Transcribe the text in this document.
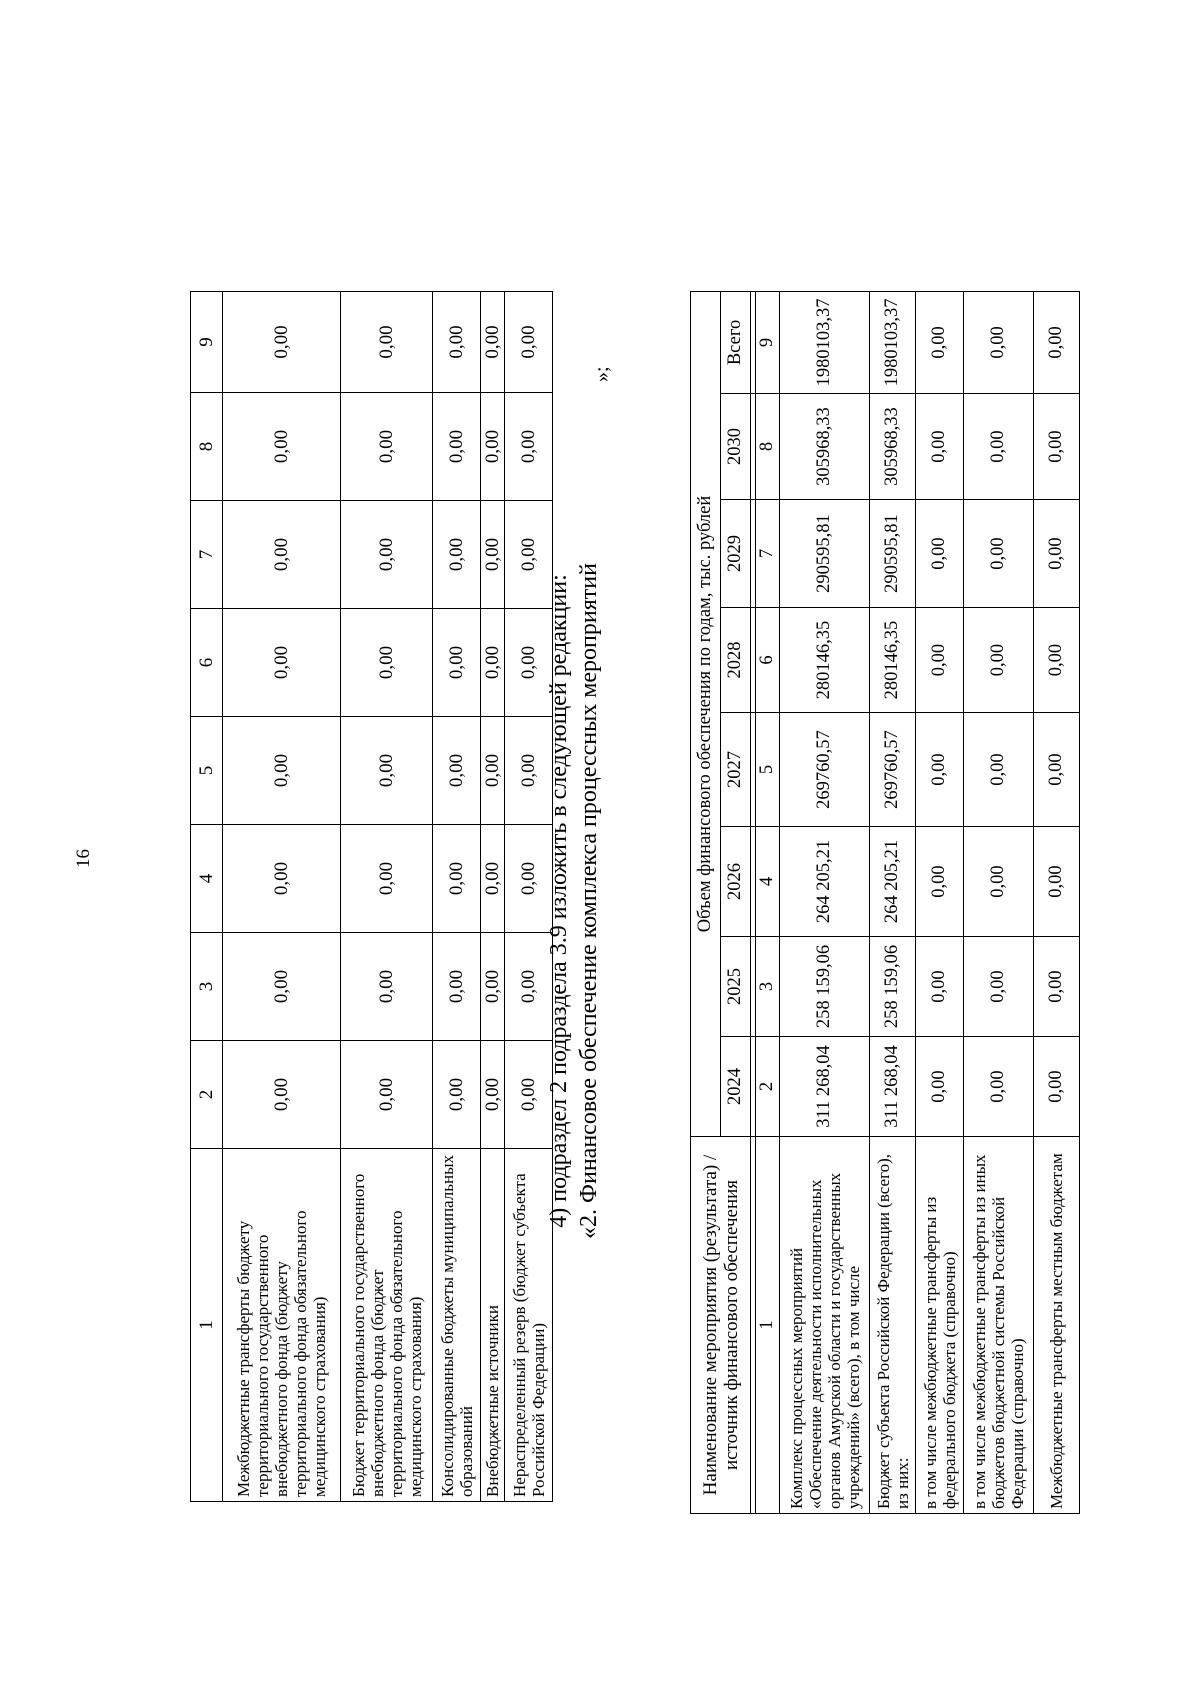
16
1	2	3	4	5	6	7	8	9
Межбюджетные трансферты бюджету территориального государственного внебюджетного фонда (бюджету территориального фонда обязательного медицинского страхования)	0,00	0,00	0,00	0,00	0,00	0,00	0,00	0,00
Бюджет территориального государственного внебюджетного фонда (бюджет территориального фонда обязательного медицинского страхования)	0,00	0,00	0,00	0,00	0,00	0,00	0,00	0,00
Консолидированные бюджеты муниципальных образований	0,00	0,00	0,00	0,00	0,00	0,00	0,00	0,00
Внебюджетные источники	0,00	0,00	0,00	0,00	0,00	0,00	0,00	0,00
Нераспределенный резерв (бюджет субъекта Российской Федерации)	0,00	0,00	0,00	0,00	0,00	0,00	0,00	0,00
»;
4) подраздел 2 подраздела 3.9 изложить в следующей редакции: «2. Финансовое обеспечение комплекса процессных мероприятий
Наименование мероприятия (результата) / источник финансового обеспечения	Объем финансового обеспечения по годам, тыс. рублей							
	2024	2025	2026	2027	2028	2029	2030	Всего

1	2	3	4	5	6	7	8	9
Комплекс процессных мероприятий «Обеспечение деятельности исполнительных органов Амурской области и государственных учреждений» (всего), в том числе	311 268,04	258 159,06	264 205,21	269760,57	280146,35	290595,81	305968,33	1980103,37
Бюджет субъекта Российской Федерации (всего), из них:	311 268,04	258 159,06	264 205,21	269760,57	280146,35	290595,81	305968,33	1980103,37
в том числе межбюджетные трансферты из федерального бюджета (справочно)	0,00	0,00	0,00	0,00	0,00	0,00	0,00	0,00
в том числе межбюджетные трансферты из иных бюджетов бюджетной системы Российской Федерации (справочно)	0,00	0,00	0,00	0,00	0,00	0,00	0,00	0,00
Межбюджетные трансферты местным бюджетам	0,00	0,00	0,00	0,00	0,00	0,00	0,00	0,00
